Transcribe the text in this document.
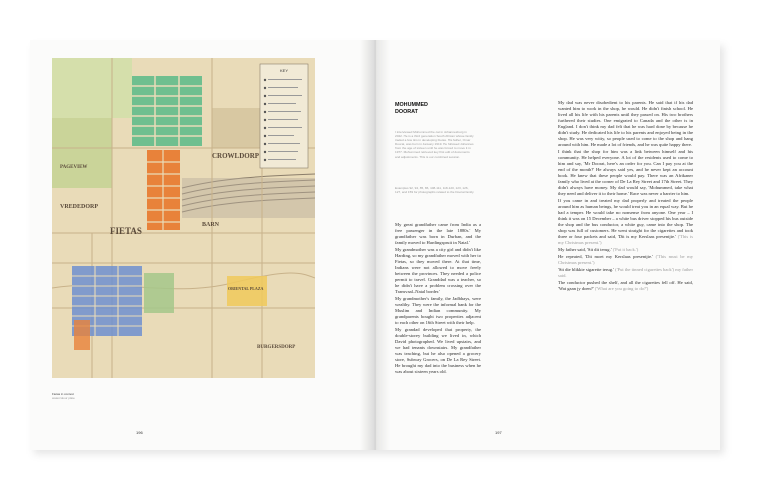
KEY
CROWLDORP
FIETAS
VREDEDORP
ORIENTAL PLAZA
BARN
PAGEVIEW
BURGERSDORP
Fietas in context
watercolour plate
196
MOHUMMED
DOORAT
I interviewed Mohummed the cat in Johannesburg in 2022. He is a third generation South African whose family traded a few tins in developing Fietas. His father, Omar Doorat, was born in January 1919. He followed Johannes from the age of sixteen until he was forced to move it in 1977. Mohummed retrieved key first edit of documents and adjustments. This is our combined session.
Examples 92, 94, 85, 86, 108-111, 118-120, 123, 126, 127, and 159 for photographs related to the Doorat family.

My great grandfather came from India as a free passenger in the late 1880s.' My grandfather was born in Durban, and the family moved to Hardingspruit in Natal.'

My grandmother was a city girl and didn't like Harding, so my grandfather moved with her to Fietas, so they moved there. At that time, Indians were not allowed to move freely between the provinces. They needed a police permit to travel. Granddad was a teacher, so he didn't have a problem crossing over the Transvaal–Natal border.'

My grandmother's family, the Jadbhays, were wealthy. They were the informal bank for the Muslim and Indian community. My grandparents bought two properties adjacent to each other on 16th Street with their help.

My grandad developed that property, the double-storey building we lived in, which David photographed. We lived upstairs, and we had tenants downstairs. My grandfather was teaching, but he also opened a grocery store, Subway Grocers, on De La Rey Street. He brought my dad into the business when he was about sixteen years old.

My dad was never disobedient to his parents. He said that if his dad wanted him to work in the shop, he would. He didn't finish school. He lived all his life with his parents until they passed on. His two brothers furthered their studies. One emigrated to Canada and the other is in England. I don't think my dad felt that he was hard done by because he didn't study. He dedicated his life to his parents and enjoyed being in the shop. He was very witty, so people used to come to the shop and hang around with him. He made a lot of friends, and he was quite happy there.

I think that the shop for him was a link between himself and his community. He helped everyone. A lot of the residents used to come to him and say, 'Mr Doorat, here's an order for you. Can I pay you at the end of the month?' He always said yes, and he never kept an account book. He knew that these people would pay. There was an Afrikaner family who lived at the corner of De La Rey Street and 17th Street. They didn't always have money. My dad would say, 'Mohummed, take what they need and deliver it to their home.' Race was never a barrier to him.

If you came in and treated my dad properly and treated the people around him as human beings, he would treat you in an equal way. But he had a temper. He would take no nonsense from anyone. One year – I think it was on 15 December – a white bus driver stopped his bus outside the shop and the bus conductor, a white guy, came into the shop. The shop was full of customers. He went straight for the cigarettes and took three or four packets and said, 'Dit is my Kerslaas presentjie.' ('This is my Christmas present.')

My father said, 'Sit dit terug.' ('Put it back.')

He repeated, 'Dit moet my Kerslaas presentjie.' ('This must be my Christmas present.')

'Sit die blikkie sigarette terug.' ('Put the tinned cigarettes back') my father said.

The conductor pushed the shelf, and all the cigarettes fell off. He said, 'Wat gaan jy doen?' ('What are you going to do?')

197
